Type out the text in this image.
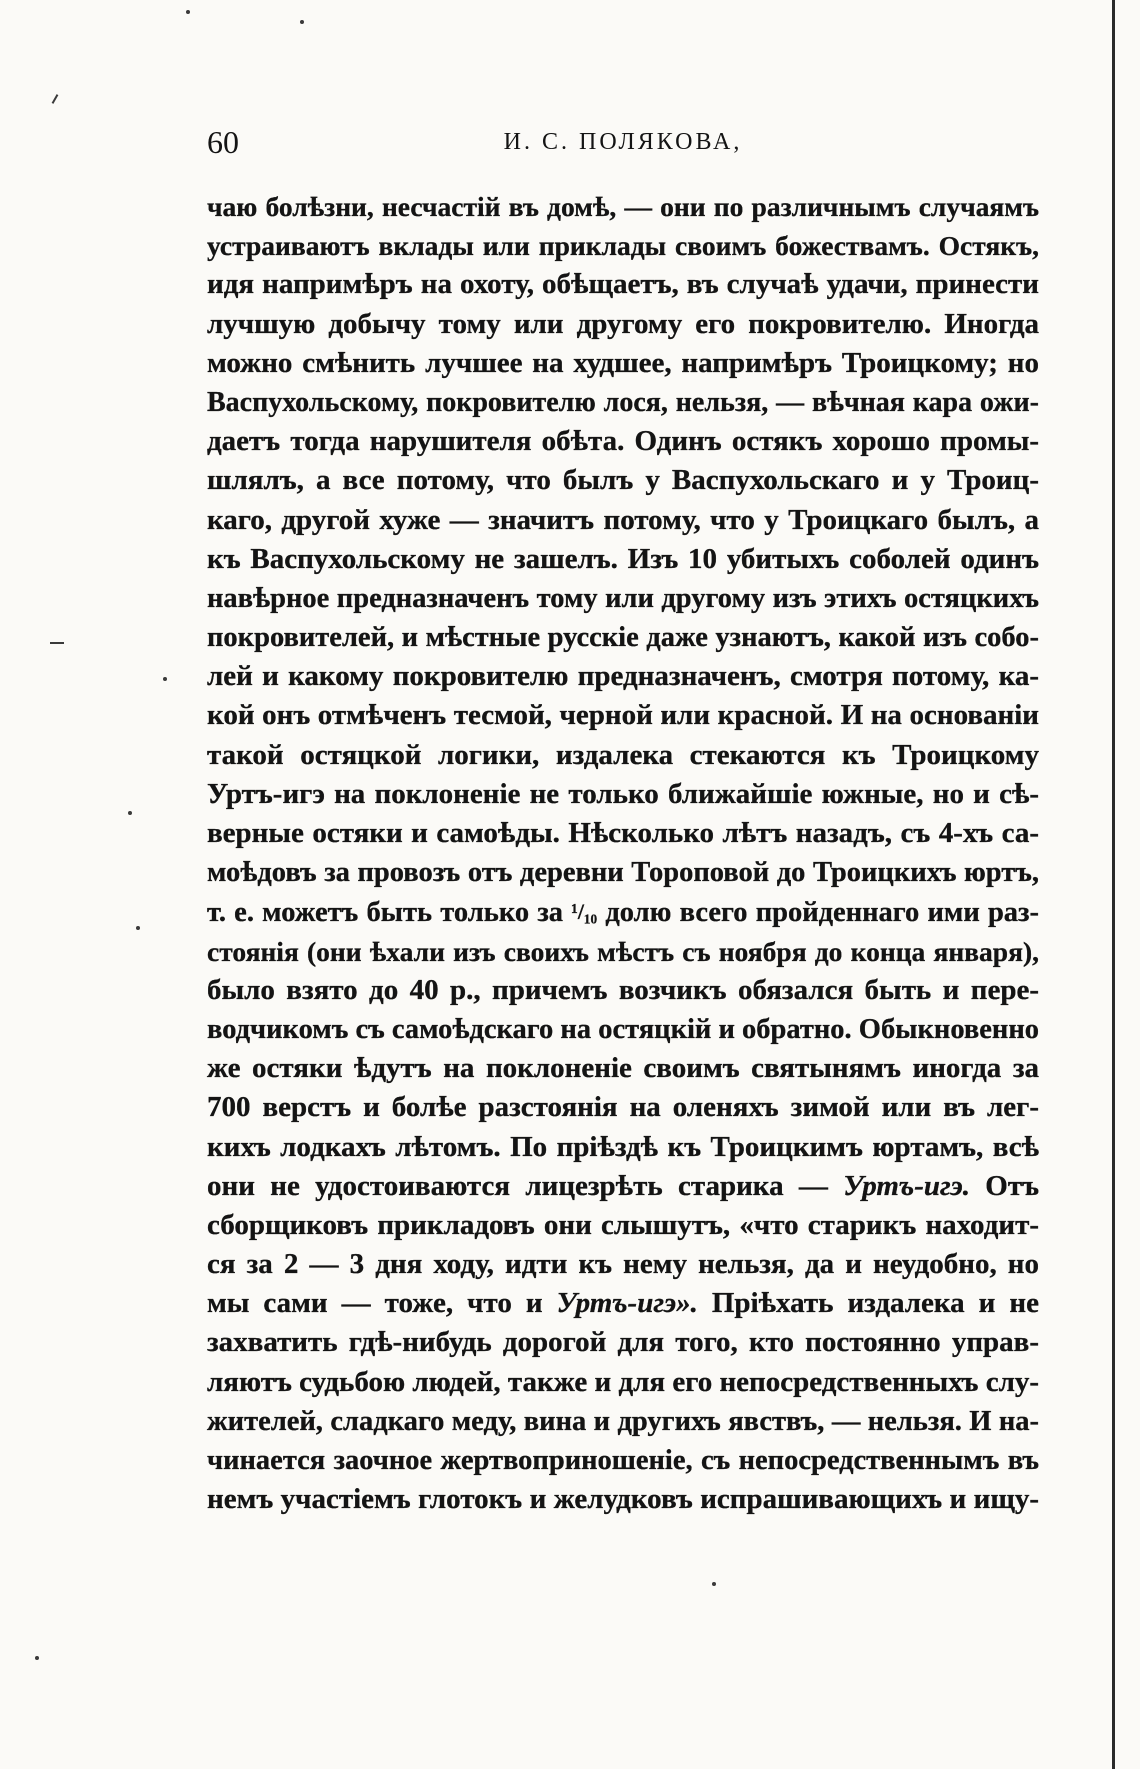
60	И. С. ПОЛЯКОВА,
чаю болѣзни, несчастій въ домѣ, — они по различнымъ случаямъ
устраиваютъ вклады или приклады своимъ божествамъ. Остякъ,
идя напримѣръ на охоту, обѣщаетъ, въ случаѣ удачи, принести
лучшую добычу тому или другому его покровителю. Иногда
можно смѣнить лучшее на худшее, напримѣръ Троицкому; но
Васпухольскому, покровителю лося, нельзя, — вѣчная кара ожи-
даетъ тогда нарушителя обѣта. Одинъ остякъ хорошо промы-
шлялъ, а все потому, что былъ у Васпухольскаго и у Троиц-
каго, другой хуже — значитъ потому, что у Троицкаго былъ, а
къ Васпухольскому не зашелъ. Изъ 10 убитыхъ соболей одинъ
навѣрное предназначенъ тому или другому изъ этихъ остяцкихъ
покровителей, и мѣстные русскіе даже узнаютъ, какой изъ собо-
лей и какому покровителю предназначенъ, смотря потому, ка-
кой онъ отмѣченъ тесмой, черной или красной. И на основаніи
такой остяцкой логики, издалека стекаются къ Троицкому
Уртъ-игэ на поклоненіе не только ближайшіе южные, но и сѣ-
верные остяки и самоѣды. Нѣсколько лѣтъ назадъ, съ 4-хъ са-
моѣдовъ за провозъ отъ деревни Тороповой до Троицкихъ юртъ,
т. е. можетъ быть только за ¹/₁₀ долю всего пройденнаго ими раз-
стоянія (они ѣхали изъ своихъ мѣстъ съ ноября до конца января),
было взято до 40 р., причемъ возчикъ обязался быть и пере-
водчикомъ съ самоѣдскаго на остяцкій и обратно. Обыкновенно
же остяки ѣдутъ на поклоненіе своимъ святынямъ иногда за
700 верстъ и болѣе разстоянія на оленяхъ зимой или въ лег-
кихъ лодкахъ лѣтомъ. По пріѣздѣ къ Троицкимъ юртамъ, всѣ
они не удостоиваются лицезрѣть старика — Уртъ-игэ. Отъ
сборщиковъ прикладовъ они слышутъ, «что старикъ находит-
ся за 2 — 3 дня ходу, идти къ нему нельзя, да и неудобно, но
мы сами — тоже, что и Уртъ-игэ». Пріѣхать издалека и не
захватить гдѣ-нибудь дорогой для того, кто постоянно управ-
ляютъ судьбою людей, также и для его непосредственныхъ слу-
жителей, сладкаго меду, вина и другихъ явствъ, — нельзя. И на-
чинается заочное жертвоприношеніе, съ непосредственнымъ въ
немъ участіемъ глотокъ и желудковъ испрашивающихъ и ищу-
